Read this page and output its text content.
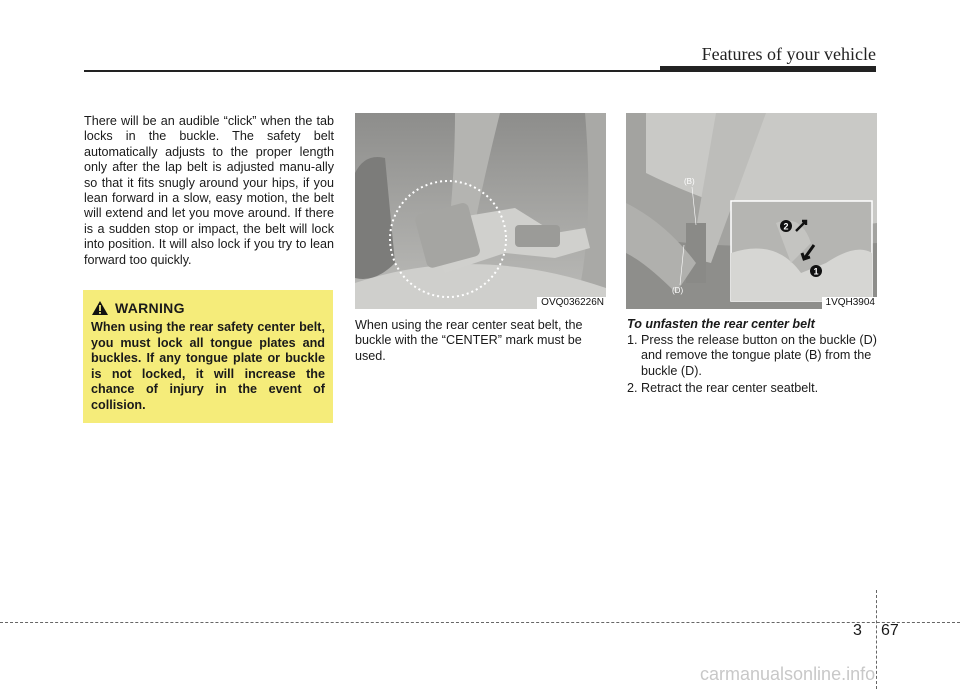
Features of your vehicle

There will be an audible “click” when the tab locks in the buckle. The safety belt automatically adjusts to the proper length only after the lap belt is adjusted manu-ally so that it fits snugly around your hips, if you lean forward in a slow, easy motion, the belt will extend and let you move around. If there is a sudden stop or impact, the belt will lock into position. It will also lock if you try to lean forward too quickly.

WARNING
When using the rear safety center belt, you must lock all tongue plates and buckles. If any tongue plate or buckle is not locked, it will increase the chance of injury in the event of collision.
OVQ036226N

When using the rear center seat belt, the buckle with the “CENTER” mark must be used.

2
1
(B)
(D)
1VQH3904
To unfasten the rear center belt
1. Press the release button on the buckle (D) and remove the tongue plate (B) from the buckle (D).
2. Retract the rear center seatbelt.
3 67
carmanualsonline.info
